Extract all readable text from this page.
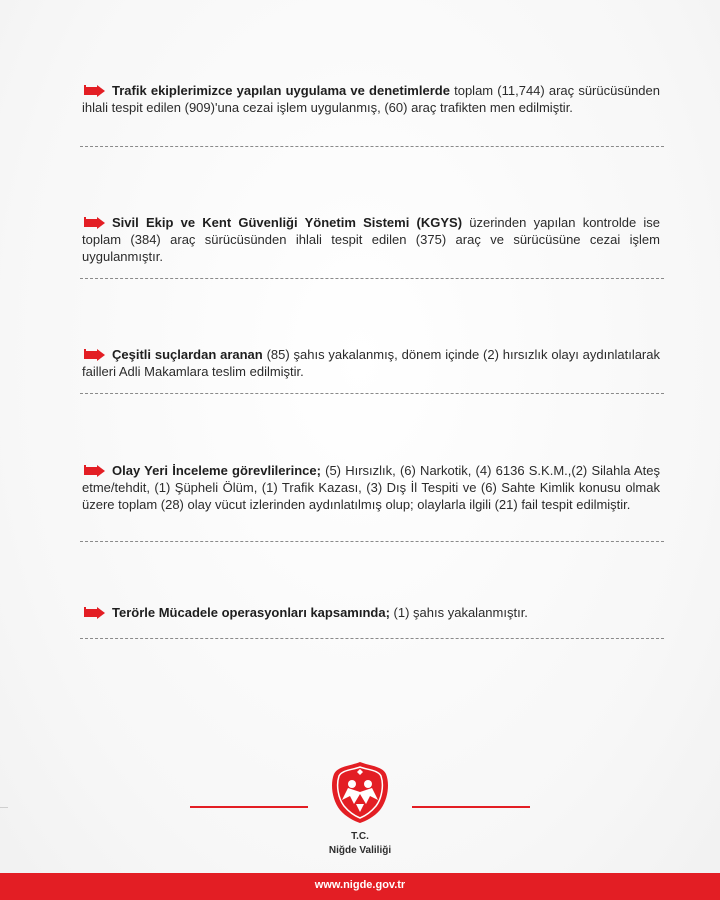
Trafik ekiplerimizce yapılan uygulama ve denetimlerde toplam (11,744) araç sürücüsünden ihlali tespit edilen (909)'una cezai işlem uygulanmış, (60) araç trafikten men edilmiştir.
Sivil Ekip ve Kent Güvenliği Yönetim Sistemi (KGYS) üzerinden yapılan kontrolde ise toplam (384) araç sürücüsünden ihlali tespit edilen (375) araç ve sürücüsüne cezai işlem uygulanmıştır.
Çeşitli suçlardan aranan (85) şahıs yakalanmış, dönem içinde (2) hırsızlık olayı aydınlatılarak failleri Adli Makamlara teslim edilmiştir.
Olay Yeri İnceleme görevlilerince; (5) Hırsızlık, (6) Narkotik, (4) 6136 S.K.M.,(2) Silahla Ateş etme/tehdit, (1) Şüpheli Ölüm, (1) Trafik Kazası, (3) Dış İl Tespiti ve (6) Sahte Kimlik konusu olmak üzere toplam (28) olay vücut izlerinden aydınlatılmış olup; olaylarla ilgili (21) fail tespit edilmiştir.
Terörle Mücadele operasyonları kapsamında; (1) şahıs yakalanmıştır.
T.C.
Niğde Valiliği
www.nigde.gov.tr
